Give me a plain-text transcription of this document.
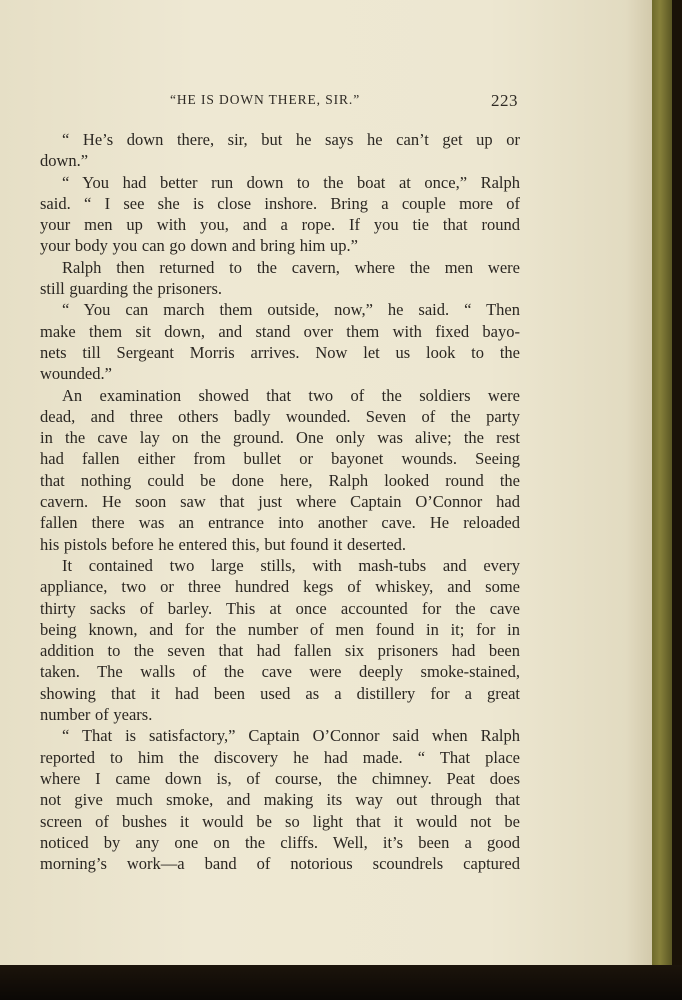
“HE IS DOWN THERE, SIR.”	223
“ He’s down there, sir, but he says he can’t get up or
down.”
“ You had better run down to the boat at once,” Ralph
said. “ I see she is close inshore. Bring a couple more of
your men up with you, and a rope. If you tie that round
your body you can go down and bring him up.”
Ralph then returned to the cavern, where the men were
still guarding the prisoners.
“ You can march them outside, now,” he said. “ Then
make them sit down, and stand over them with fixed bayo-
nets till Sergeant Morris arrives. Now let us look to the
wounded.”
An examination showed that two of the soldiers were
dead, and three others badly wounded. Seven of the party
in the cave lay on the ground. One only was alive; the rest
had fallen either from bullet or bayonet wounds. Seeing
that nothing could be done here, Ralph looked round the
cavern. He soon saw that just where Captain O’Connor had
fallen there was an entrance into another cave. He reloaded
his pistols before he entered this, but found it deserted.
It contained two large stills, with mash-tubs and every
appliance, two or three hundred kegs of whiskey, and some
thirty sacks of barley. This at once accounted for the cave
being known, and for the number of men found in it; for in
addition to the seven that had fallen six prisoners had been
taken. The walls of the cave were deeply smoke-stained,
showing that it had been used as a distillery for a great
number of years.
“ That is satisfactory,” Captain O’Connor said when Ralph
reported to him the discovery he had made. “ That place
where I came down is, of course, the chimney. Peat does
not give much smoke, and making its way out through that
screen of bushes it would be so light that it would not be
noticed by any one on the cliffs. Well, it’s been a good
morning’s work—a band of notorious scoundrels captured
